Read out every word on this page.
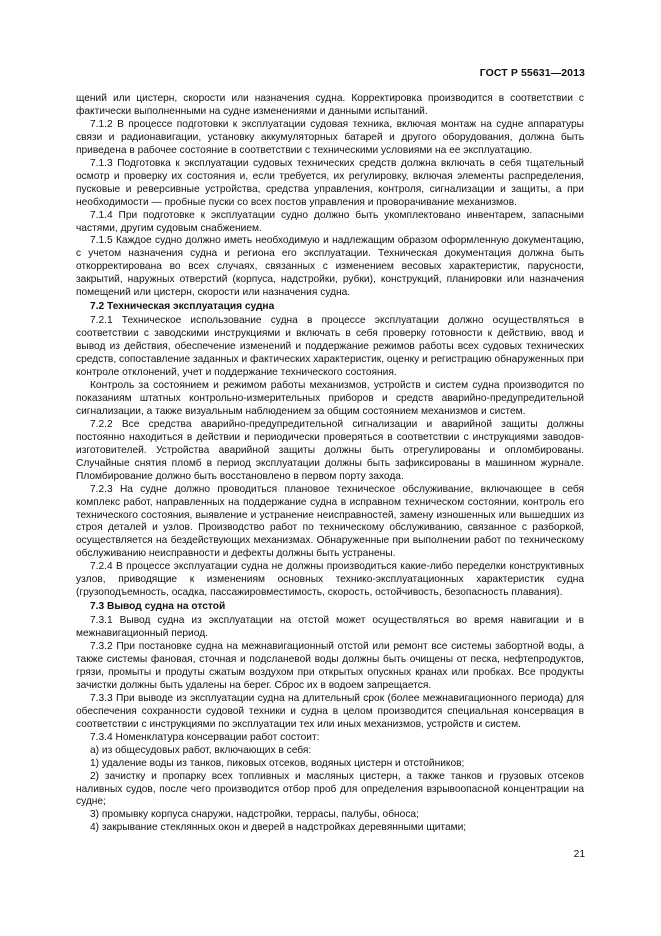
ГОСТ Р 55631—2013

щений или цистерн, скорости или назначения судна. Корректировка производится в соответствии с фактически выполненными на судне изменениями и данными испытаний.

7.1.2 В процессе подготовки к эксплуатации судовая техника, включая монтаж на судне аппаратуры связи и радионавигации, установку аккумуляторных батарей и другого оборудования, должна быть приведена в рабочее состояние в соответствии с техническими условиями на ее эксплуатацию.

7.1.3 Подготовка к эксплуатации судовых технических средств должна включать в себя тщательный осмотр и проверку их состояния и, если требуется, их регулировку, включая элементы распределения, пусковые и реверсивные устройства, средства управления, контроля, сигнализации и защиты, а при необходимости — пробные пуски со всех постов управления и проворачивание механизмов.

7.1.4 При подготовке к эксплуатации судно должно быть укомплектовано инвентарем, запасными частями, другим судовым снабжением.

7.1.5 Каждое судно должно иметь необходимую и надлежащим образом оформленную документацию, с учетом назначения судна и региона его эксплуатации. Техническая документация должна быть откорректирована во всех случаях, связанных с изменением весовых характеристик, парусности, закрытий, наружных отверстий (корпуса, надстройки, рубки), конструкций, планировки или назначения помещений или цистерн, скорости или назначения судна.

7.2 Техническая эксплуатация судна

7.2.1 Техническое использование судна в процессе эксплуатации должно осуществляться в соответствии с заводскими инструкциями и включать в себя проверку готовности к действию, ввод и вывод из действия, обеспечение изменений и поддержание режимов работы всех судовых технических средств, сопоставление заданных и фактических характеристик, оценку и регистрацию обнаруженных при контроле отклонений, учет и поддержание технического состояния.

Контроль за состоянием и режимом работы механизмов, устройств и систем судна производится по показаниям штатных контрольно-измерительных приборов и средств аварийно-предупредительной сигнализации, а также визуальным наблюдением за общим состоянием механизмов и систем.

7.2.2 Все средства аварийно-предупредительной сигнализации и аварийной защиты должны постоянно находиться в действии и периодически проверяться в соответствии с инструкциями заводов-изготовителей. Устройства аварийной защиты должны быть отрегулированы и опломбированы. Случайные снятия пломб в период эксплуатации должны быть зафиксированы в машинном журнале. Пломбирование должно быть восстановлено в первом порту захода.

7.2.3 На судне должно проводиться плановое техническое обслуживание, включающее в себя комплекс работ, направленных на поддержание судна в исправном техническом состоянии, контроль его технического состояния, выявление и устранение неисправностей, замену изношенных или вышедших из строя деталей и узлов. Производство работ по техническому обслуживанию, связанное с разборкой, осуществляется на бездействующих механизмах. Обнаруженные при выполнении работ по техническому обслуживанию неисправности и дефекты должны быть устранены.

7.2.4 В процессе эксплуатации судна не должны производиться какие-либо переделки конструктивных узлов, приводящие к изменениям основных технико-эксплуатационных характеристик судна (грузоподъемность, осадка, пассажировместимость, скорость, остойчивость, безопасность плавания).

7.3 Вывод судна на отстой

7.3.1 Вывод судна из эксплуатации на отстой может осуществляться во время навигации и в межнавигационный период.

7.3.2 При постановке судна на межнавигационный отстой или ремонт все системы забортной воды, а также системы фановая, сточная и подсланевой воды должны быть очищены от песка, нефтепродуктов, грязи, промыты и продуты сжатым воздухом при открытых опускных кранах или пробках. Все продукты зачистки должны быть удалены на берег. Сброс их в водоем запрещается.

7.3.3 При выводе из эксплуатации судна на длительный срок (более межнавигационного периода) для обеспечения сохранности судовой техники и судна в целом производится специальная консервация в соответствии с инструкциями по эксплуатации тех или иных механизмов, устройств и систем.

7.3.4 Номенклатура консервации работ состоит:

а) из общесудовых работ, включающих в себя:

1) удаление воды из танков, пиковых отсеков, водяных цистерн и отстойников;

2) зачистку и пропарку всех топливных и масляных цистерн, а также танков и грузовых отсеков наливных судов, после чего производится отбор проб для определения взрывоопасной концентрации на судне;

3) промывку корпуса снаружи, надстройки, террасы, палубы, обноса;

4) закрывание стеклянных окон и дверей в надстройках деревянными щитами;

21
